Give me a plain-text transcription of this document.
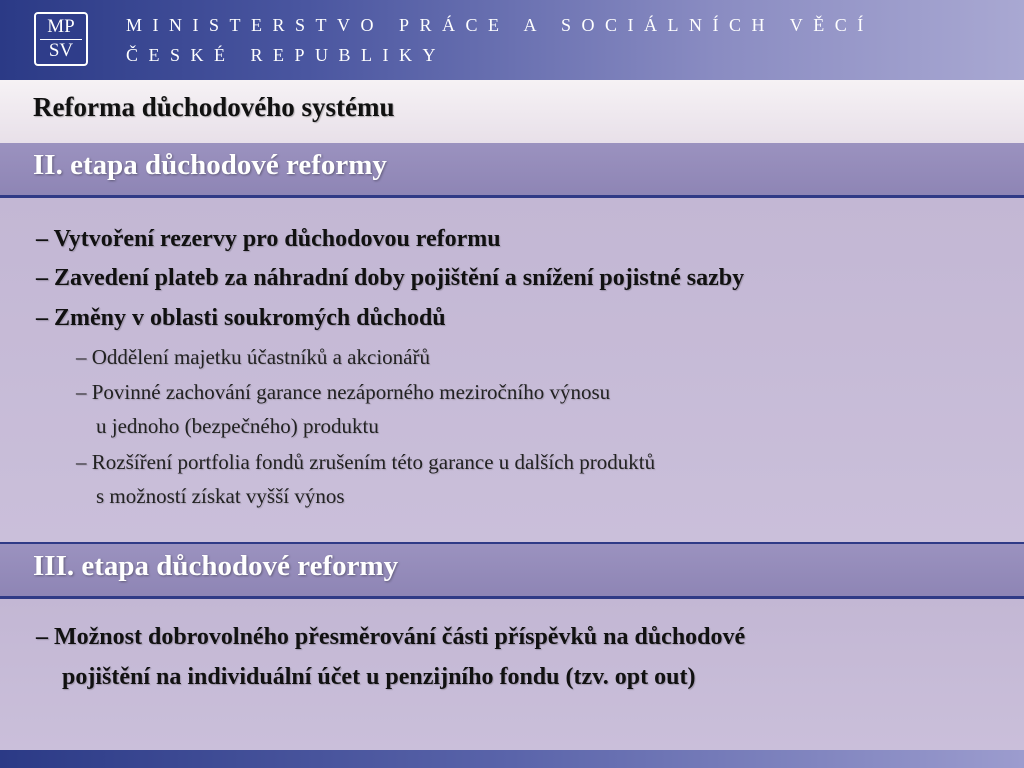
MP
SV
MINISTERSTVO PRÁCE A SOCIÁLNÍCH VĚCÍ
ČESKÉ REPUBLIKY
Reforma důchodového systému
II. etapa důchodové reformy
– Vytvoření rezervy pro důchodovou reformu
– Zavedení plateb za náhradní doby pojištění a snížení pojistné sazby
– Změny v oblasti soukromých důchodů
– Oddělení majetku účastníků a akcionářů
– Povinné zachování garance nezáporného meziročního výnosu
u jednoho (bezpečného) produktu
– Rozšíření portfolia fondů zrušením této garance u dalších produktů
s možností získat vyšší výnos
III. etapa důchodové reformy
– Možnost dobrovolného přesměrování části příspěvků na důchodové
pojištění na individuální účet u penzijního fondu (tzv. opt out)
